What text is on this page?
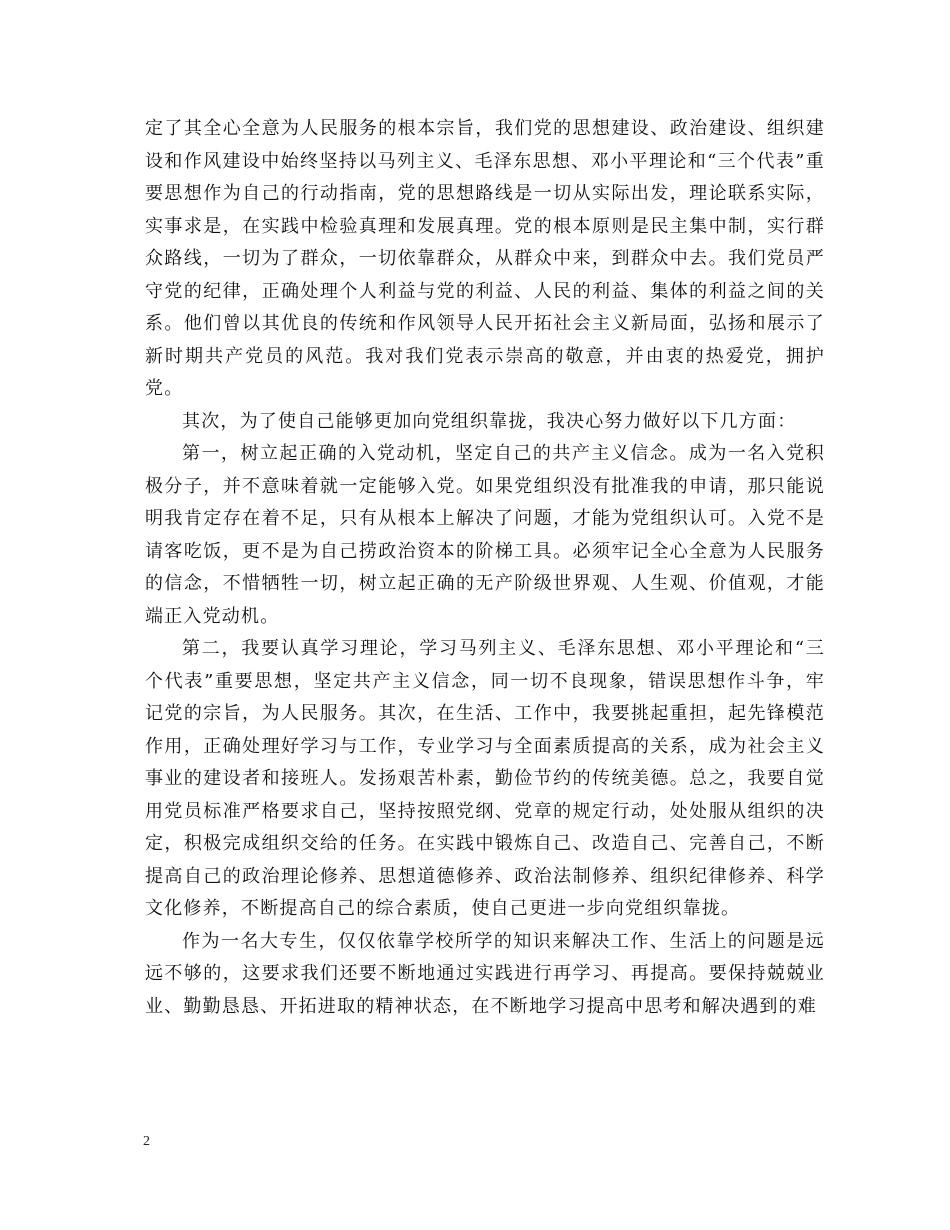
定了其全心全意为人民服务的根本宗旨，我们党的思想建设、政治建设、组织建设和作风建设中始终坚持以马列主义、毛泽东思想、邓小平理论和“三个代表”重要思想作为自己的行动指南，党的思想路线是一切从实际出发，理论联系实际，实事求是，在实践中检验真理和发展真理。党的根本原则是民主集中制，实行群众路线，一切为了群众，一切依靠群众，从群众中来，到群众中去。我们党员严守党的纪律，正确处理个人利益与党的利益、人民的利益、集体的利益之间的关系。他们曾以其优良的传统和作风领导人民开拓社会主义新局面，弘扬和展示了新时期共产党员的风范。我对我们党表示崇高的敬意，并由衷的热爱党，拥护党。

其次，为了使自己能够更加向党组织靠拢，我决心努力做好以下几方面：

第一，树立起正确的入党动机，坚定自己的共产主义信念。成为一名入党积极分子，并不意味着就一定能够入党。如果党组织没有批准我的申请，那只能说明我肯定存在着不足，只有从根本上解决了问题，才能为党组织认可。入党不是请客吃饭，更不是为自己捞政治资本的阶梯工具。必须牢记全心全意为人民服务的信念，不惜牺牲一切，树立起正确的无产阶级世界观、人生观、价值观，才能端正入党动机。

第二，我要认真学习理论，学习马列主义、毛泽东思想、邓小平理论和“三个代表”重要思想，坚定共产主义信念，同一切不良现象，错误思想作斗争，牢记党的宗旨，为人民服务。其次，在生活、工作中，我要挑起重担，起先锋模范作用，正确处理好学习与工作，专业学习与全面素质提高的关系，成为社会主义事业的建设者和接班人。发扬艰苦朴素，勤俭节约的传统美德。总之，我要自觉用党员标准严格要求自己，坚持按照党纲、党章的规定行动，处处服从组织的决定，积极完成组织交给的任务。在实践中锻炼自己、改造自己、完善自己，不断提高自己的政治理论修养、思想道德修养、政治法制修养、组织纪律修养、科学文化修养，不断提高自己的综合素质，使自己更进一步向党组织靠拢。

作为一名大专生，仅仅依靠学校所学的知识来解决工作、生活上的问题是远远不够的，这要求我们还要不断地通过实践进行再学习、再提高。要保持兢兢业业、勤勤恳恳、开拓进取的精神状态，在不断地学习提高中思考和解决遇到的难

2
